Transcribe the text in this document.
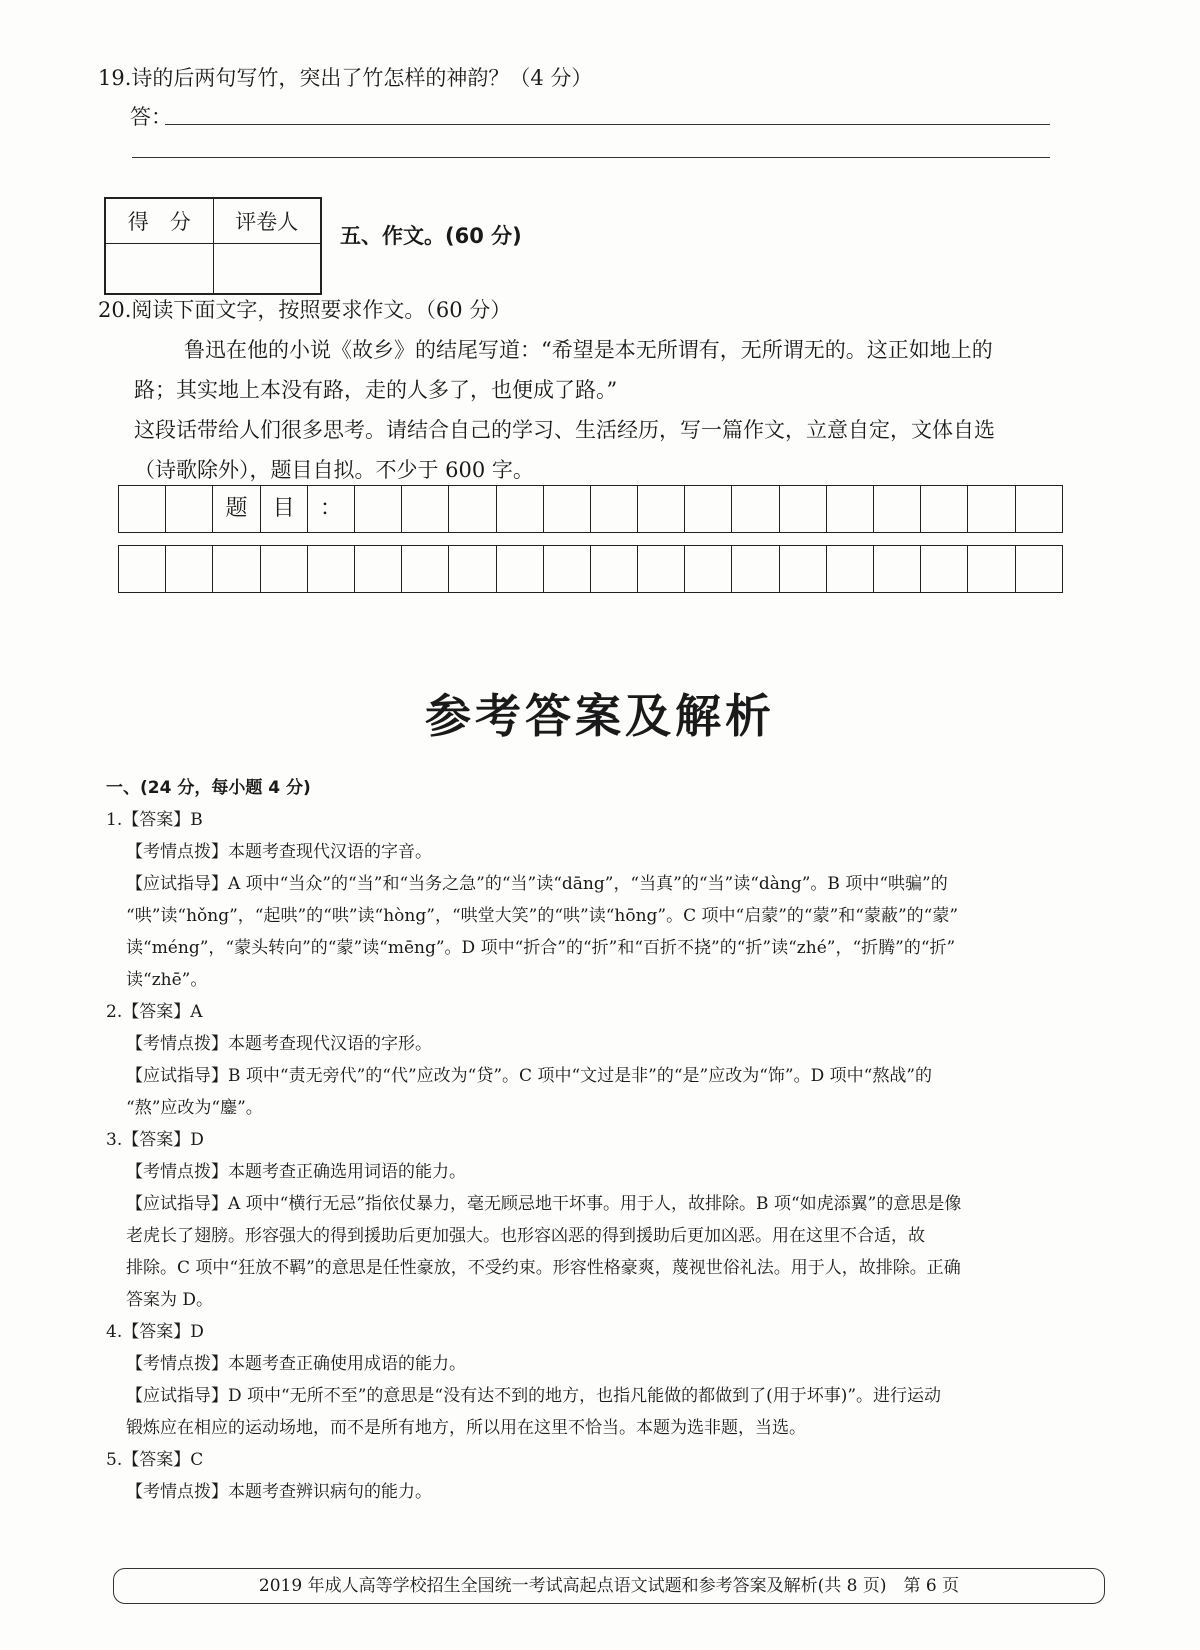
19.诗的后两句写竹，突出了竹怎样的神韵？（4 分）
答：
得　分	评卷人

五、作文。(60 分)
20.阅读下面文字，按照要求作文。（60 分）
鲁迅在他的小说《故乡》的结尾写道：“希望是本无所谓有，无所谓无的。这正如地上的
路；其实地上本没有路，走的人多了，也便成了路。”
这段话带给人们很多思考。请结合自己的学习、生活经历，写一篇作文，立意自定，文体自选
（诗歌除外），题目自拟。不少于 600 字。
题	目	：
参考答案及解析
一、(24 分，每小题 4 分)
1.【答案】B
【考情点拨】本题考查现代汉语的字音。
【应试指导】A 项中“当众”的“当”和“当务之急”的“当”读“dāng”，“当真”的“当”读“dàng”。B 项中“哄骗”的
“哄”读“hǒng”，“起哄”的“哄”读“hòng”，“哄堂大笑”的“哄”读“hōng”。C 项中“启蒙”的“蒙”和“蒙蔽”的“蒙”
读“méng”，“蒙头转向”的“蒙”读“mēng”。D 项中“折合”的“折”和“百折不挠”的“折”读“zhé”，“折腾”的“折”
读“zhē”。
2.【答案】A
【考情点拨】本题考查现代汉语的字形。
【应试指导】B 项中“责无旁代”的“代”应改为“贷”。C 项中“文过是非”的“是”应改为“饰”。D 项中“熬战”的
“熬”应改为“鏖”。
3.【答案】D
【考情点拨】本题考查正确选用词语的能力。
【应试指导】A 项中“横行无忌”指依仗暴力，毫无顾忌地干坏事。用于人，故排除。B 项“如虎添翼”的意思是像
老虎长了翅膀。形容强大的得到援助后更加强大。也形容凶恶的得到援助后更加凶恶。用在这里不合适，故
排除。C 项中“狂放不羁”的意思是任性豪放，不受约束。形容性格豪爽，蔑视世俗礼法。用于人，故排除。正确
答案为 D。
4.【答案】D
【考情点拨】本题考查正确使用成语的能力。
【应试指导】D 项中“无所不至”的意思是“没有达不到的地方，也指凡能做的都做到了(用于坏事)”。进行运动
锻炼应在相应的运动场地，而不是所有地方，所以用在这里不恰当。本题为选非题，当选。
5.【答案】C
【考情点拨】本题考查辨识病句的能力。
2019 年成人高等学校招生全国统一考试高起点语文试题和参考答案及解析(共 8 页)　第 6 页
